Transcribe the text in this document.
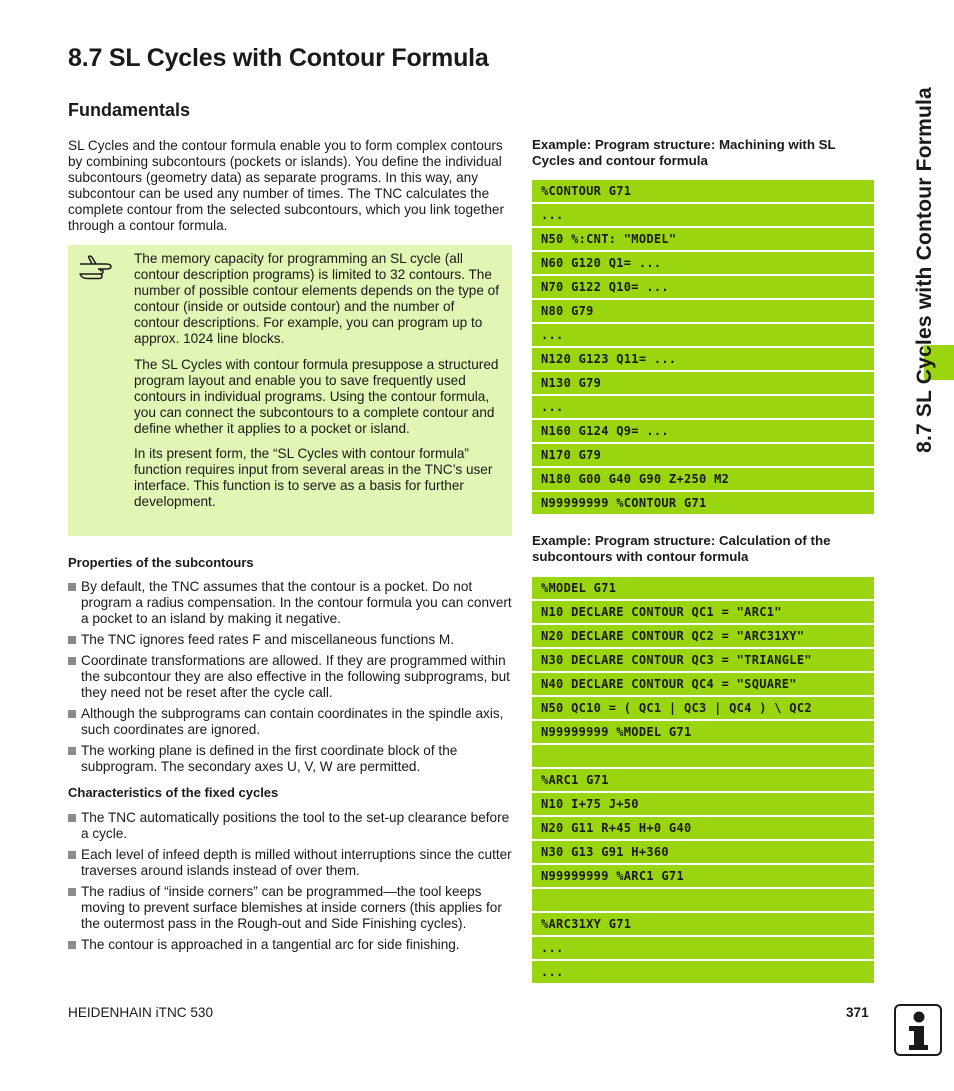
8.7 SL Cycles with Contour Formula
Fundamentals
SL Cycles and the contour formula enable you to form complex contours by combining subcontours (pockets or islands). You define the individual subcontours (geometry data) as separate programs. In this way, any subcontour can be used any number of times. The TNC calculates the complete contour from the selected subcontours, which you link together through a contour formula.

The memory capacity for programming an SL cycle (all contour description programs) is limited to 32 contours. The number of possible contour elements depends on the type of contour (inside or outside contour) and the number of contour descriptions. For example, you can program up to approx. 1024 line blocks.

The SL Cycles with contour formula presuppose a structured program layout and enable you to save frequently used contours in individual programs. Using the contour formula, you can connect the subcontours to a complete contour and define whether it applies to a pocket or island.

In its present form, the “SL Cycles with contour formula” function requires input from several areas in the TNC’s user interface. This function is to serve as a basis for further development.

Properties of the subcontours
By default, the TNC assumes that the contour is a pocket. Do not program a radius compensation. In the contour formula you can convert a pocket to an island by making it negative.
The TNC ignores feed rates F and miscellaneous functions M.
Coordinate transformations are allowed. If they are programmed within the subcontour they are also effective in the following subprograms, but they need not be reset after the cycle call.
Although the subprograms can contain coordinates in the spindle axis, such coordinates are ignored.
The working plane is defined in the first coordinate block of the subprogram. The secondary axes U, V, W are permitted.
Characteristics of the fixed cycles
The TNC automatically positions the tool to the set-up clearance before a cycle.
Each level of infeed depth is milled without interruptions since the cutter traverses around islands instead of over them.
The radius of “inside corners” can be programmed—the tool keeps moving to prevent surface blemishes at inside corners (this applies for the outermost pass in the Rough-out and Side Finishing cycles).
The contour is approached in a tangential arc for side finishing.
Example: Program structure: Machining with SL Cycles and contour formula
%CONTOUR G71
...
N50 %:CNT: "MODEL"
N60 G120 Q1= ...
N70 G122 Q10= ...
N80 G79
...
N120 G123 Q11= ...
N130 G79
...
N160 G124 Q9= ...
N170 G79
N180 G00 G40 G90 Z+250 M2
N99999999 %CONTOUR G71
Example: Program structure: Calculation of the subcontours with contour formula
%MODEL G71
N10 DECLARE CONTOUR QC1 = "ARC1"
N20 DECLARE CONTOUR QC2 = "ARC31XY"
N30 DECLARE CONTOUR QC3 = "TRIANGLE"
N40 DECLARE CONTOUR QC4 = "SQUARE"
N50 QC10 = ( QC1 | QC3 | QC4 ) \ QC2
N99999999 %MODEL G71
%ARC1 G71
N10 I+75 J+50
N20 G11 R+45 H+0 G40
N30 G13 G91 H+360
N99999999 %ARC1 G71
%ARC31XY G71
...
...
8.7 SL Cycles with Contour Formula
HEIDENHAIN iTNC 530	371
